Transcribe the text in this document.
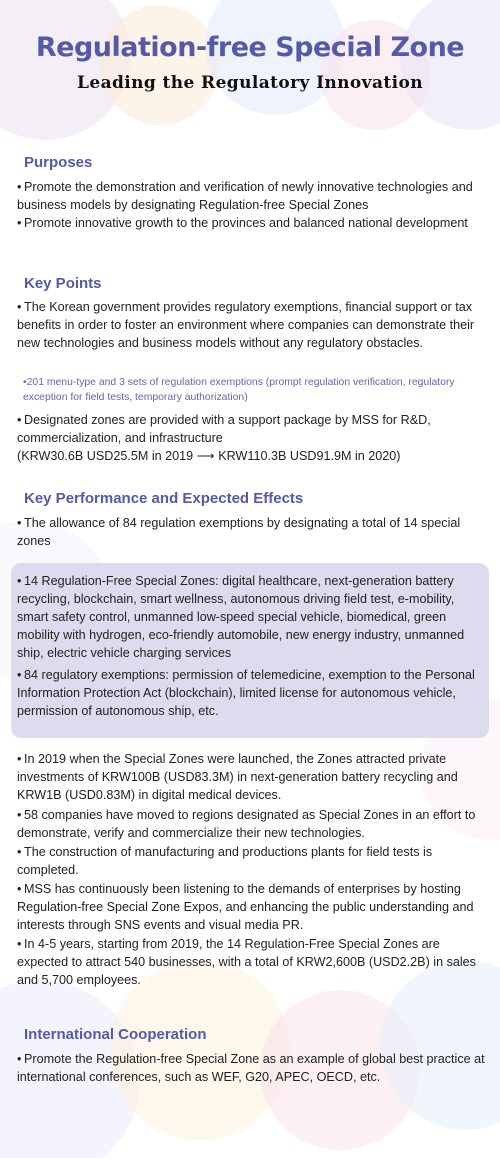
Regulation-free Special Zone
Leading the Regulatory Innovation
Purposes
• Promote the demonstration and verification of newly innovative technologies and business models by designating Regulation-free Special Zones
• Promote innovative growth to the provinces and balanced national development
Key Points
• The Korean government provides regulatory exemptions, financial support or tax benefits in order to foster an environment where companies can demonstrate their new technologies and business models without any regulatory obstacles.
•201 menu-type and 3 sets of regulation exemptions (prompt regulation verification, regulatory exception for field tests, temporary authorization)
• Designated zones are provided with a support package by MSS for R&D, commercialization, and infrastructure
(KRW30.6B USD25.5M in 2019 ⟶ KRW110.3B USD91.9M in 2020)
Key Performance and Expected Effects
• The allowance of 84 regulation exemptions by designating a total of 14 special zones
• 14 Regulation-Free Special Zones: digital healthcare, next-generation battery recycling, blockchain, smart wellness, autonomous driving field test, e-mobility, smart safety control, unmanned low-speed special vehicle, biomedical, green mobility with hydrogen, eco-friendly automobile, new energy industry, unmanned ship, electric vehicle charging services
• 84 regulatory exemptions: permission of telemedicine, exemption to the Personal Information Protection Act (blockchain), limited license for autonomous vehicle, permission of autonomous ship, etc.
• In 2019 when the Special Zones were launched, the Zones attracted private investments of KRW100B (USD83.3M) in next-generation battery recycling and KRW1B (USD0.83M) in digital medical devices.
• 58 companies have moved to regions designated as Special Zones in an effort to demonstrate, verify and commercialize their new technologies.
• The construction of manufacturing and productions plants for field tests is completed.
• MSS has continuously been listening to the demands of enterprises by hosting Regulation-free Special Zone Expos, and enhancing the public understanding and interests through SNS events and visual media PR.
• In 4-5 years, starting from 2019, the 14 Regulation-Free Special Zones are expected to attract 540 businesses, with a total of KRW2,600B (USD2.2B) in sales and 5,700 employees.
International Cooperation
• Promote the Regulation-free Special Zone as an example of global best practice at international conferences, such as WEF, G20, APEC, OECD, etc.
